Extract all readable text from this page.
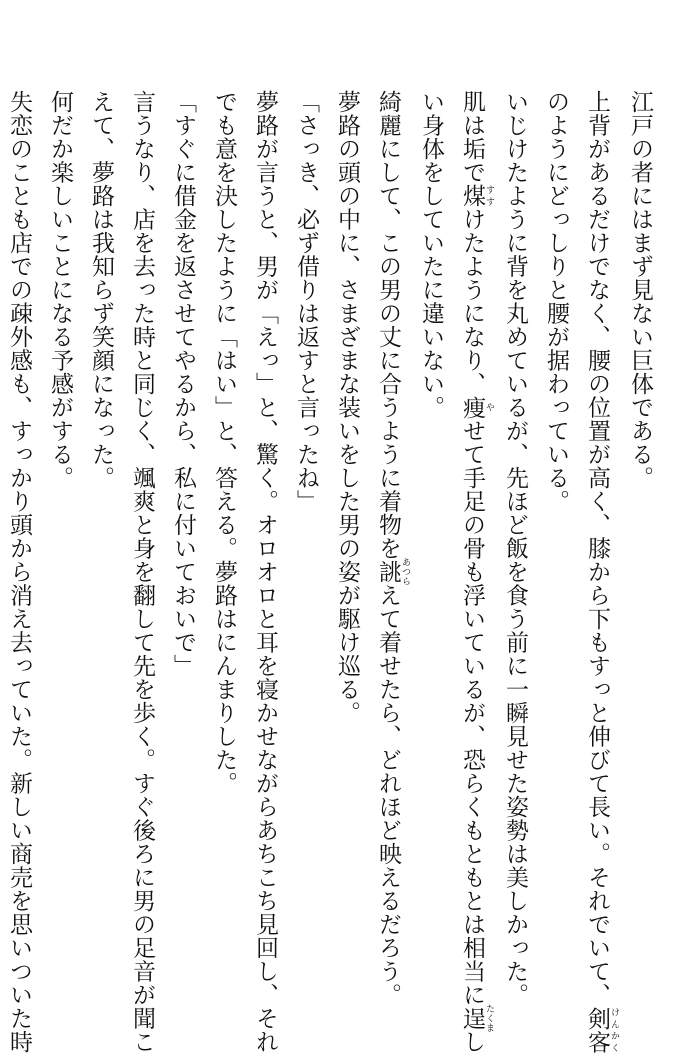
江戸の者にはまず見ない巨体である。
上背があるだけでなく、腰の位置が高く、膝から下もすっと伸びて長い。それでいて、剣客 けんかく
のようにどっしりと腰が据わっている。
いじけたように背を丸めているが、先ほど飯を食う前に一瞬見せた姿勢は美しかった。
肌は垢で煤 すすけたようになり、痩 やせて手足の骨も浮いているが、恐らくもともとは相当に逞 たくまし
い身体をしていたに違いない。
綺麗にして、この男の丈に合うように着物を誂 あつらえて着せたら、どれほど映えるだろう。
夢路の頭の中に、さまざまな装いをした男の姿が駆け巡る。
「さっき、必ず借りは返すと言ったね」
夢路が言うと、男が「えっ」と、驚く。オロオロと耳を寝かせながらあちこち見回し、それ
でも意を決したように「はい」と、答える。夢路はにんまりした。
「すぐに借金を返させてやるから、私に付いておいで」
言うなり、店を去った時と同じく、颯爽と身を翻して先を歩く。すぐ後ろに男の足音が聞こ
えて、夢路は我知らず笑顔になった。
何だか楽しいことになる予感がする。
失恋のことも店での疎外感も、すっかり頭から消え去っていた。新しい商売を思いついた時
